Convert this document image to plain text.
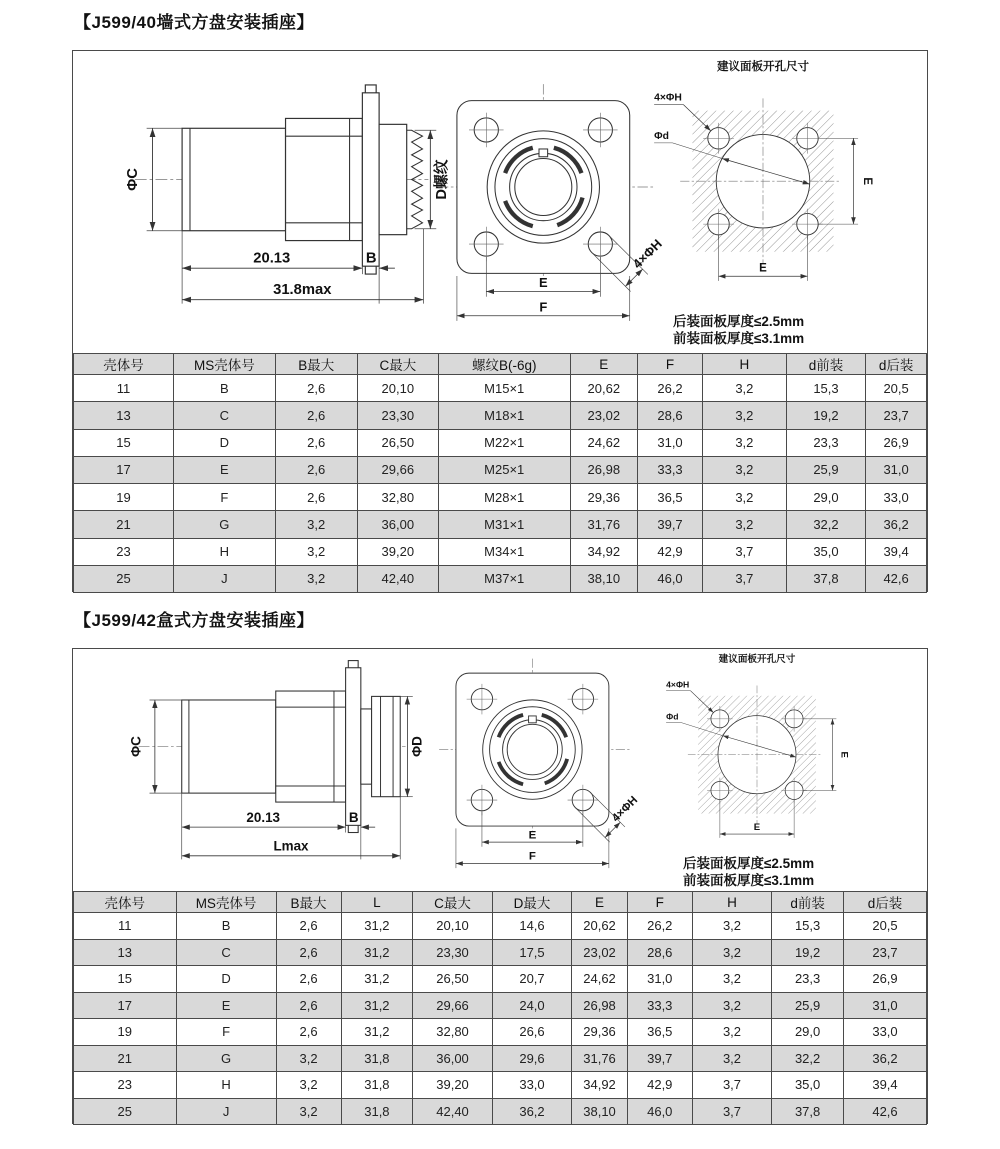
【J599/40墙式方盘安装插座】
ΦC	D螺纹
20.13	B
31.8max	E
F
4×ΦH
建议面板开孔尺寸
4×ΦH
Φd
E
E
后装面板厚度≤2.5mm
前装面板厚度≤3.1mm
壳体号	MS壳体号	B最大	C最大	螺纹B(-6g)	E	F	H	d前装	d后装
11	B	2,6	20,10	M15×1	20,62	26,2	3,2	15,3	20,5
13	C	2,6	23,30	M18×1	23,02	28,6	3,2	19,2	23,7
15	D	2,6	26,50	M22×1	24,62	31,0	3,2	23,3	26,9
17	E	2,6	29,66	M25×1	26,98	33,3	3,2	25,9	31,0
19	F	2,6	32,80	M28×1	29,36	36,5	3,2	29,0	33,0
21	G	3,2	36,00	M31×1	31,76	39,7	3,2	32,2	36,2
23	H	3,2	39,20	M34×1	34,92	42,9	3,7	35,0	39,4
25	J	3,2	42,40	M37×1	38,10	46,0	3,7	37,8	42,6
【J599/42盒式方盘安装插座】
ΦC	ΦD
20.13	B
Lmax
E
F
4×ΦH
建议面板开孔尺寸
4×ΦH
Φd
E
E
后装面板厚度≤2.5mm
前装面板厚度≤3.1mm
壳体号	MS壳体号	B最大	L	C最大	D最大	E	F	H	d前装	d后装
11	B	2,6	31,2	20,10	14,6	20,62	26,2	3,2	15,3	20,5
13	C	2,6	31,2	23,30	17,5	23,02	28,6	3,2	19,2	23,7
15	D	2,6	31,2	26,50	20,7	24,62	31,0	3,2	23,3	26,9
17	E	2,6	31,2	29,66	24,0	26,98	33,3	3,2	25,9	31,0
19	F	2,6	31,2	32,80	26,6	29,36	36,5	3,2	29,0	33,0
21	G	3,2	31,8	36,00	29,6	31,76	39,7	3,2	32,2	36,2
23	H	3,2	31,8	39,20	33,0	34,92	42,9	3,7	35,0	39,4
25	J	3,2	31,8	42,40	36,2	38,10	46,0	3,7	37,8	42,6
